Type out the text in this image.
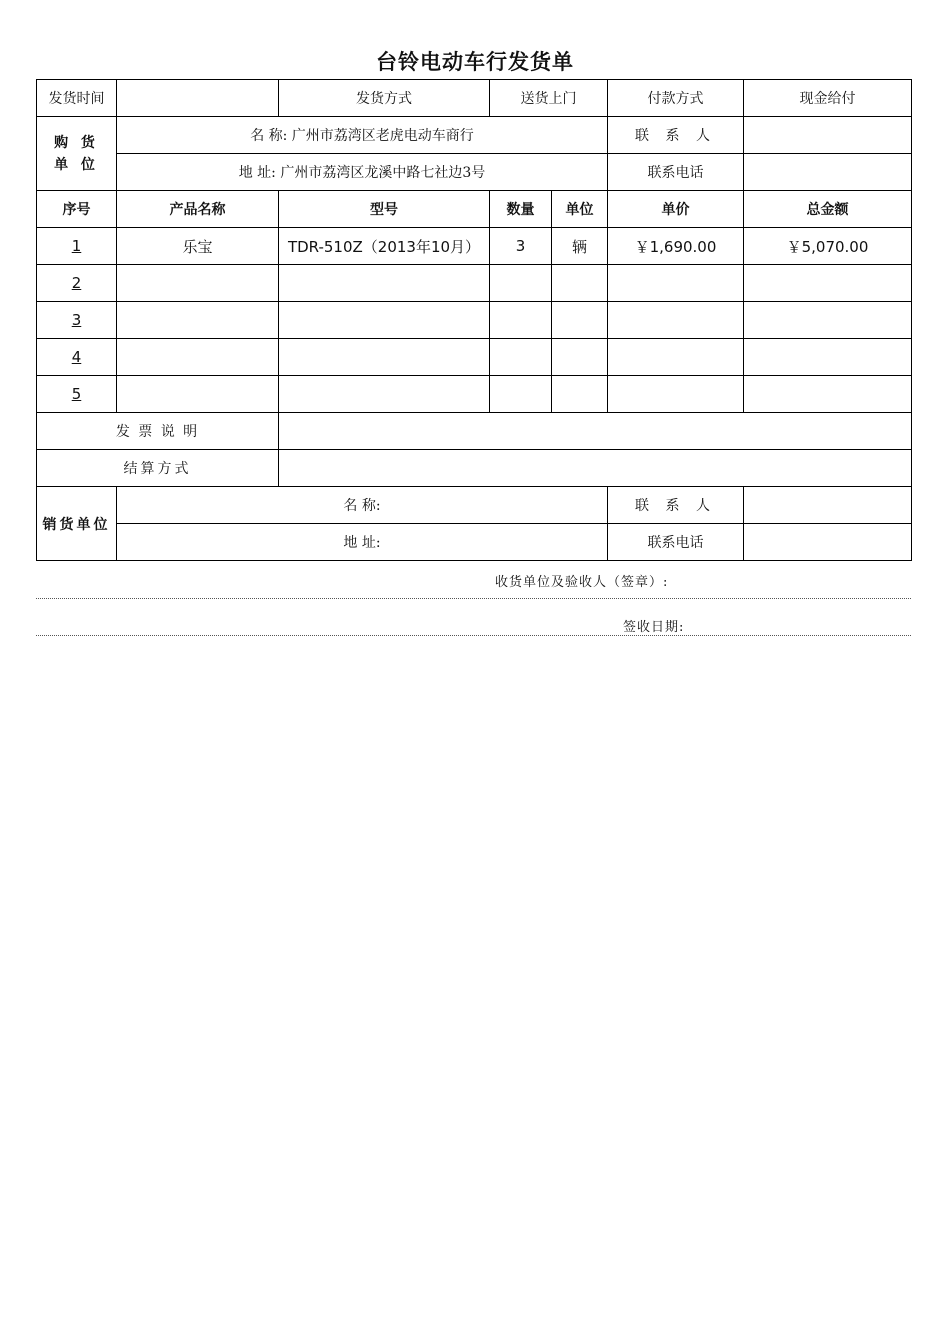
台铃电动车行发货单
发货时间		发货方式	送货上门		付款方式	现金给付
购 货 单 位	名 称: 广州市荔湾区老虎电动车商行				联 系 人	
	地 址: 广州市荔湾区龙溪中路七社边3号				联系电话	
序号	产品名称	型号	数量	单位	单价	总金额
1	乐宝	TDR-510Z（2013年10月）	3	辆	￥1,690.00	￥5,070.00
2						
3						
4						
5						
发 票 说 明						
结算方式						
销货单位	名 称:				联 系 人	
	地 址:				联系电话	
收货单位及验收人（签章）:
签收日期:
